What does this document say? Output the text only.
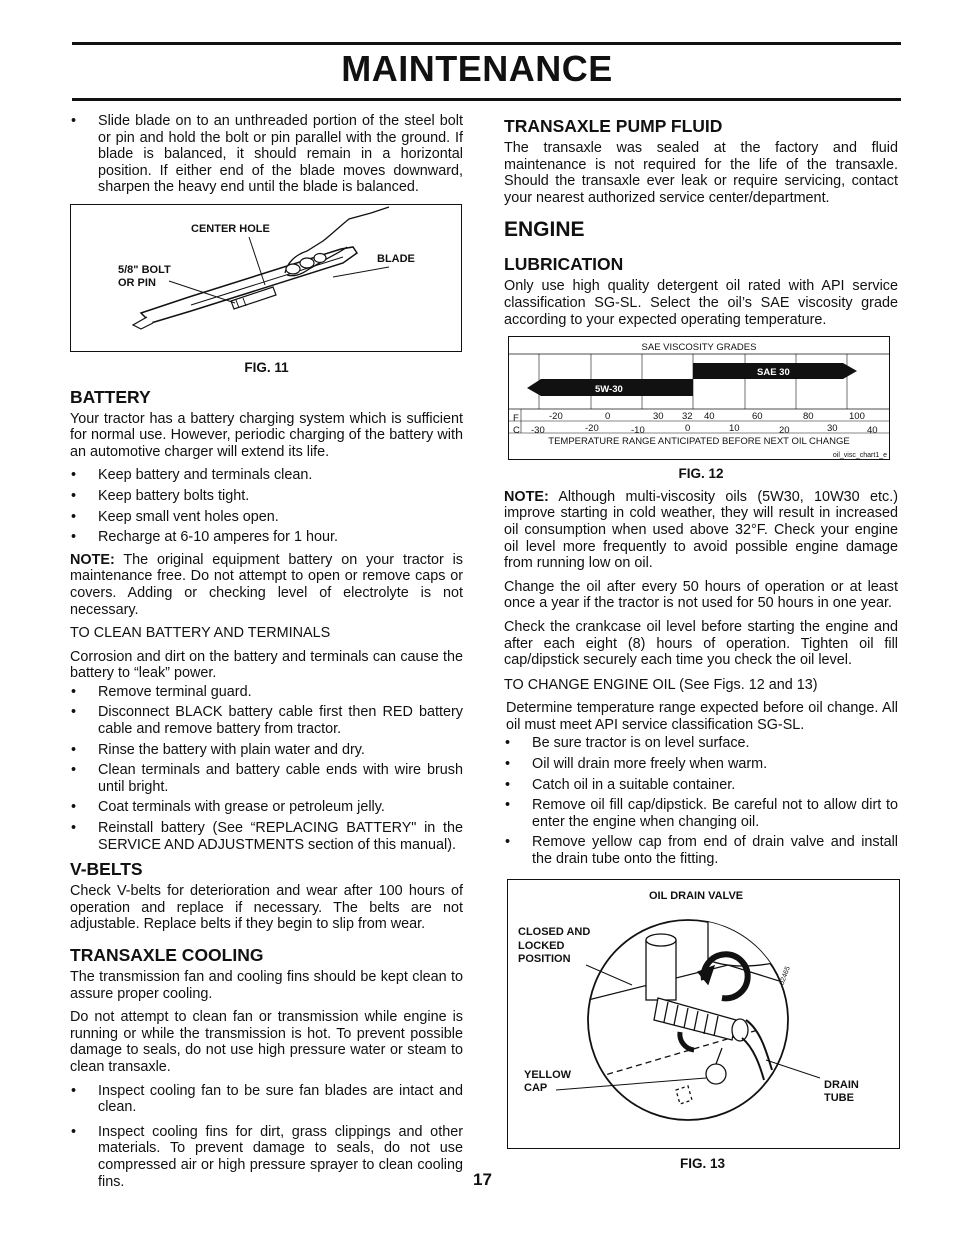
MAINTENANCE
• Slide blade on to an unthreaded portion of the steel bolt or pin and hold the bolt or pin parallel with the ground. If blade is balanced, it should remain in a horizontal position. If either end of the blade moves downward, sharpen the heavy end until the blade is balanced.
CENTER HOLE
5/8" BOLT
OR PIN
BLADE
FIG. 11
BATTERY

Your tractor has a battery charging system which is sufficient for normal use. However, periodic charging of the battery with an automotive charger will extend its life.

• Keep battery and terminals clean.
• Keep battery bolts tight.
• Keep small vent holes open.
• Recharge at 6-10 amperes for 1 hour.

NOTE: The original equipment battery on your tractor is maintenance free. Do not attempt to open or remove caps or covers. Adding or checking level of electrolyte is not necessary.

TO CLEAN BATTERY AND TERMINALS

Corrosion and dirt on the battery and terminals can cause the battery to “leak” power.

• Remove terminal guard.
• Disconnect BLACK battery cable first then RED battery cable and remove battery from tractor.
• Rinse the battery with plain water and dry.
• Clean terminals and battery cable ends with wire brush until bright.
• Coat terminals with grease or petroleum jelly.
• Reinstall battery (See “REPLACING BATTERY" in the SERVICE AND ADJUSTMENTS section of this manual).
V-BELTS

Check V-belts for deterioration and wear after 100 hours of operation and replace if necessary. The belts are not adjustable. Replace belts if they begin to slip from wear.

TRANSAXLE COOLING

The transmission fan and cooling fins should be kept clean to assure proper cooling.

Do not attempt to clean fan or transmission while engine is running or while the transmission is hot. To prevent possible damage to seals, do not use high pressure water or steam to clean transaxle.

• Inspect cooling fan to be sure fan blades are intact and clean.
• Inspect cooling fins for dirt, grass clippings and other materials. To prevent damage to seals, do not use compressed air or high pressure sprayer to clean cooling fins.
TRANSAXLE PUMP FLUID

The transaxle was sealed at the factory and fluid maintenance is not required for the life of the transaxle. Should the transaxle ever leak or require servicing, contact your nearest authorized service center/department.

ENGINE
LUBRICATION

Only use high quality detergent oil rated with API service classification SG-SL. Select the oil’s SAE viscosity grade according to your expected operating temperature.

SAE VISCOSITY GRADES
5W-30
SAE 30
F
C
-20	0	30 32 40	60	80	100
-30	-20	-10	0	10	20	30	40
TEMPERATURE RANGE ANTICIPATED BEFORE NEXT OIL CHANGE
oil_visc_chart1_e
FIG. 12

NOTE: Although multi-viscosity oils (5W30, 10W30 etc.) improve starting in cold weather, they will result in increased oil consumption when used above 32°F. Check your engine oil level more frequently to avoid possible engine damage from running low on oil.

Change the oil after every 50 hours of operation or at least once a year if the tractor is not used for 50 hours in one year.

Check the crankcase oil level before starting the engine and after each eight (8) hours of operation. Tighten oil fill cap/dipstick securely each time you check the oil level.

TO CHANGE ENGINE OIL (See Figs. 12 and 13)

Determine temperature range expected before oil change. All oil must meet API service classification SG-SL.

• Be sure tractor is on level surface.
• Oil will drain more freely when warm.
• Catch oil in a suitable container.
• Remove oil fill cap/dipstick. Be careful not to allow dirt to enter the engine when changing oil.
• Remove yellow cap from end of drain valve and install the drain tube onto the fitting.
OIL DRAIN VALVE
CLOSED AND
LOCKED
POSITION
YELLOW
CAP	DRAIN
TUBE
02465
FIG. 13
17
